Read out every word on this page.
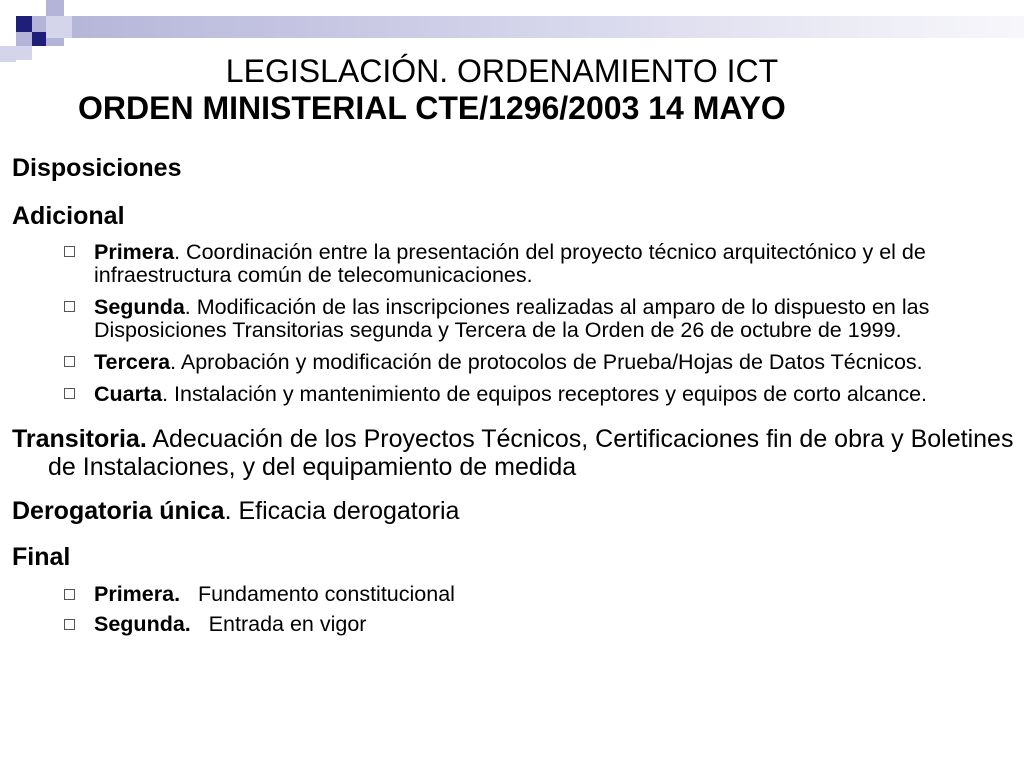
LEGISLACIÓN. ORDENAMIENTO ICT
ORDEN MINISTERIAL CTE/1296/2003 14 MAYO

Disposiciones

Adicional

Primera. Coordinación entre la presentación del proyecto técnico arquitectónico y el de infraestructura común de telecomunicaciones.
Segunda. Modificación de las inscripciones realizadas al amparo de lo dispuesto en las Disposiciones Transitorias segunda y Tercera de la Orden de 26 de octubre de 1999.
Tercera. Aprobación y modificación de protocolos de Prueba/Hojas de Datos Técnicos.
Cuarta. Instalación y mantenimiento de equipos receptores y equipos de corto alcance.

Transitoria. Adecuación de los Proyectos Técnicos, Certificaciones fin de obra y Boletines de Instalaciones, y del equipamiento de medida

Derogatoria única. Eficacia derogatoria

Final

Primera.   Fundamento constitucional
Segunda.   Entrada en vigor
